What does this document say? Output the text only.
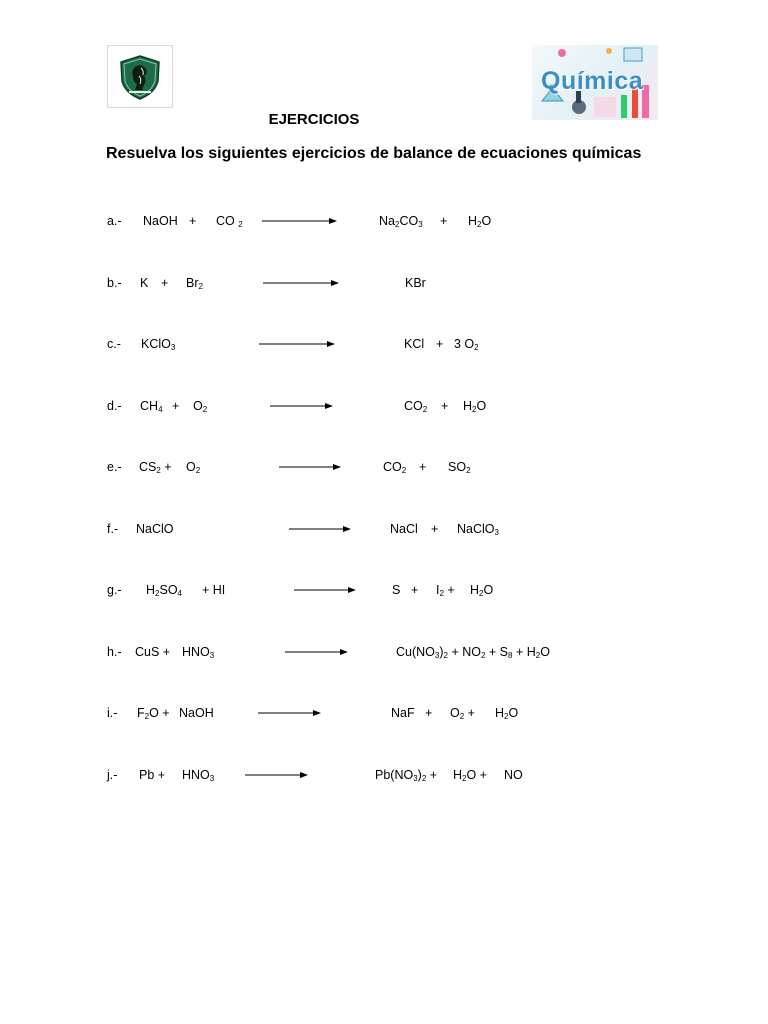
Química
EJERCICIOS
Resuelva los siguientes ejercicios de balance de ecuaciones químicas
a.- NaOH + CO $_2$	$Na_2CO_3 + H_2O$
b.- $K + Br_2$	KBr
c.- KClO$_3$	KCl + 3 $O_2$
d.- $CH_4 + O_2$	$CO_2 + H_2O$
e.- $CS_2 + O_2$	$CO_2 + SO_2$
f.- NaClO	NaCl + NaClO$_3$
g.- $H_2SO_4$ + HI	$S + I_2 + H_2O$
h.- CuS + $HNO_3$	$Cu(NO_3)_2 + NO_2 + S_8 + H_2O$
i.- $F_2O$ + NaOH	NaF + $O_2 + H_2O$
j.- $Pb + HNO_3$	$Pb(NO_3)_2 + H_2O$ + NO
